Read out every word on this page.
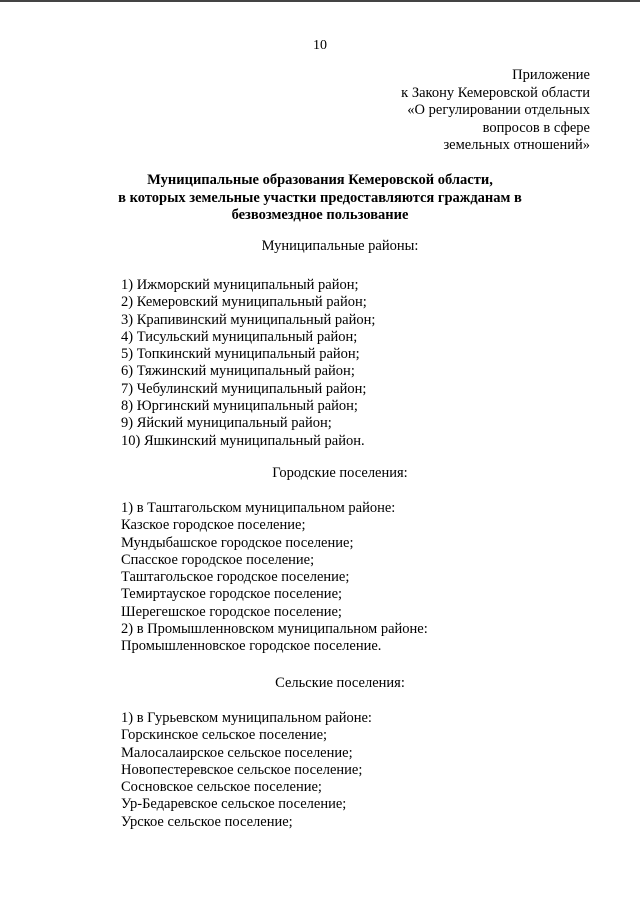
10
Приложение
к Закону Кемеровской области
«О регулировании отдельных
вопросов в сфере
земельных отношений»
Муниципальные образования Кемеровской области,
в которых земельные участки предоставляются гражданам в
безвозмездное пользование
Муниципальные районы:
1) Ижморский муниципальный район;
2) Кемеровский муниципальный район;
3) Крапивинский муниципальный район;
4) Тисульский муниципальный район;
5) Топкинский муниципальный район;
6) Тяжинский муниципальный район;
7) Чебулинский муниципальный район;
8) Юргинский муниципальный район;
9) Яйский муниципальный район;
10) Яшкинский муниципальный район.
Городские поселения:
1) в Таштагольском муниципальном районе:
Казское городское поселение;
Мундыбашское городское поселение;
Спасское городское поселение;
Таштагольское городское поселение;
Темиртауское городское поселение;
Шерегешское городское поселение;
2) в Промышленновском муниципальном районе:
Промышленновское городское поселение.
Сельские поселения:
1) в Гурьевском муниципальном районе:
Горскинское сельское поселение;
Малосалаирское сельское поселение;
Новопестеревское сельское поселение;
Сосновское сельское поселение;
Ур-Бедаревское сельское поселение;
Урское сельское поселение;
